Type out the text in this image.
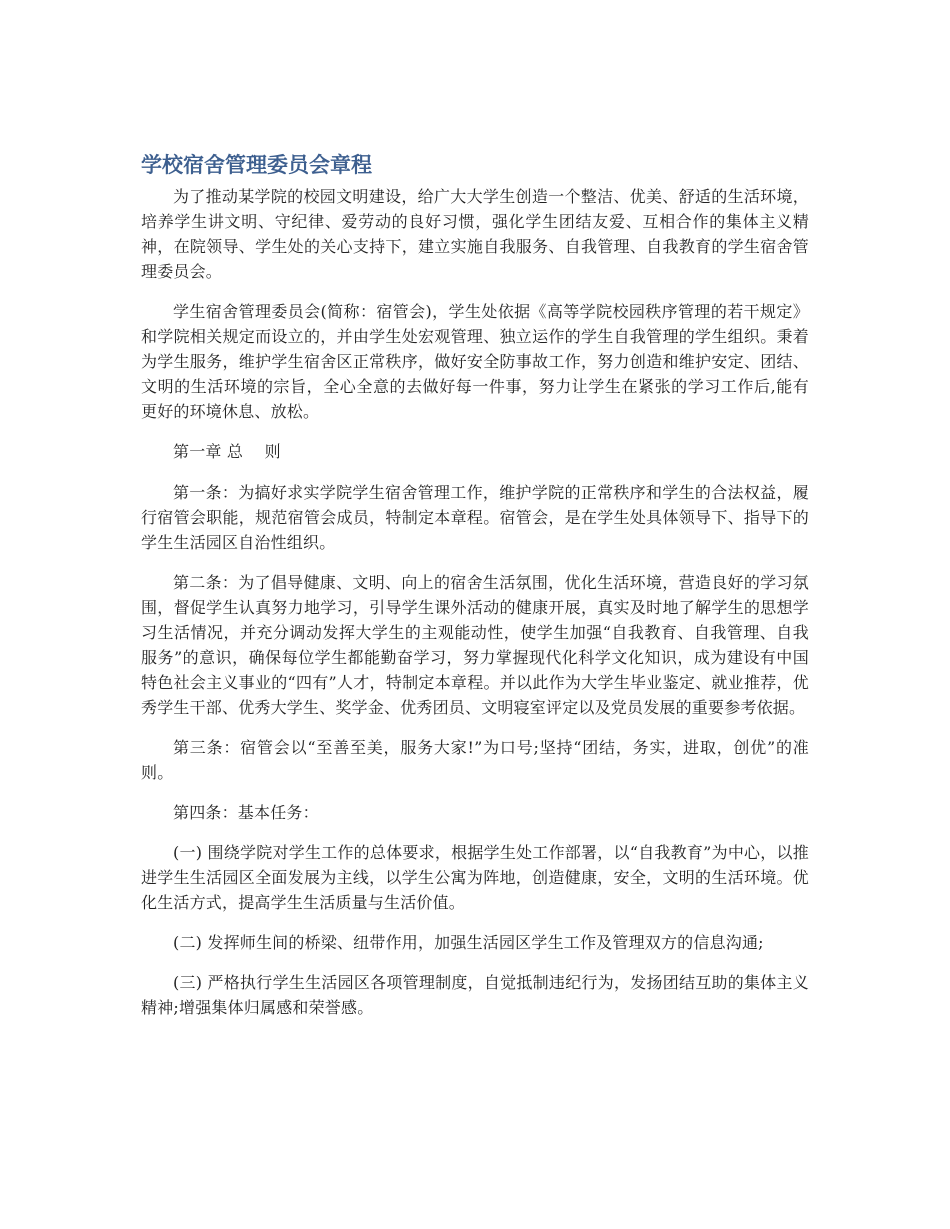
学校宿舍管理委员会章程

为了推动某学院的校园文明建设，给广大大学生创造一个整洁、优美、舒适的生活环境，培养学生讲文明、守纪律、爱劳动的良好习惯，强化学生团结友爱、互相合作的集体主义精神，在院领导、学生处的关心支持下，建立实施自我服务、自我管理、自我教育的学生宿舍管理委员会。

学生宿舍管理委员会(简称：宿管会)，学生处依据《高等学院校园秩序管理的若干规定》和学院相关规定而设立的，并由学生处宏观管理、独立运作的学生自我管理的学生组织。秉着为学生服务，维护学生宿舍区正常秩序，做好安全防事故工作，努力创造和维护安定、团结、文明的生活环境的宗旨，全心全意的去做好每一件事，努力让学生在紧张的学习工作后,能有更好的环境休息、放松。

第一章 总　 则

第一条：为搞好求实学院学生宿舍管理工作，维护学院的正常秩序和学生的合法权益，履行宿管会职能，规范宿管会成员，特制定本章程。宿管会，是在学生处具体领导下、指导下的学生生活园区自治性组织。

第二条：为了倡导健康、文明、向上的宿舍生活氛围，优化生活环境，营造良好的学习氛围，督促学生认真努力地学习，引导学生课外活动的健康开展，真实及时地了解学生的思想学习生活情况，并充分调动发挥大学生的主观能动性，使学生加强“自我教育、自我管理、自我服务”的意识，确保每位学生都能勤奋学习，努力掌握现代化科学文化知识，成为建设有中国特色社会主义事业的“四有”人才，特制定本章程。并以此作为大学生毕业鉴定、就业推荐，优秀学生干部、优秀大学生、奖学金、优秀团员、文明寝室评定以及党员发展的重要参考依据。

第三条：宿管会以“至善至美，服务大家!”为口号;坚持“团结，务实，进取，创优”的准则。

第四条：基本任务：

(一) 围绕学院对学生工作的总体要求，根据学生处工作部署，以“自我教育”为中心，以推进学生生活园区全面发展为主线，以学生公寓为阵地，创造健康，安全，文明的生活环境。优化生活方式，提高学生生活质量与生活价值。

(二) 发挥师生间的桥梁、纽带作用，加强生活园区学生工作及管理双方的信息沟通;

(三) 严格执行学生生活园区各项管理制度，自觉抵制违纪行为，发扬团结互助的集体主义精神;增强集体归属感和荣誉感。
